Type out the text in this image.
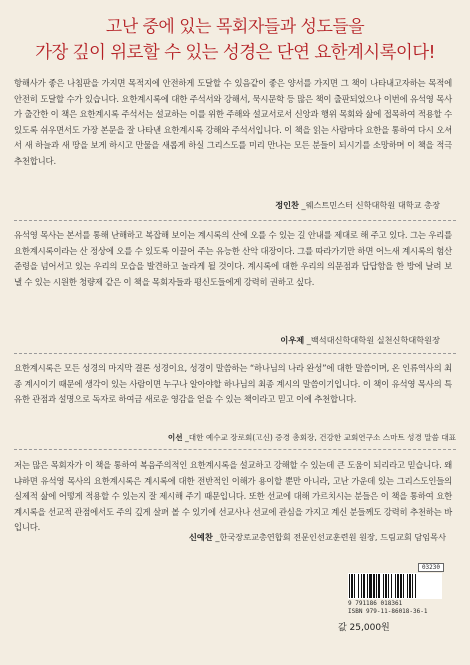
고난 중에 있는 목회자들과 성도들을
가장 깊이 위로할 수 있는 성경은 단연 요한계시록이다!

항해사가 좋은 나침판을 가지면 목적지에 안전하게 도달할 수 있음같이 좋은 양서를 가지면 그 책이 나타내고자하는 목적에 안전히 도달할 수가 있습니다. 요한계시록에 대한 주석서와 강해서, 묵시문학 등 많은 책이 출판되었으나 이번에 유석영 목사가 출간한 이 책은 요한계시록 주석서는 설교하는 이를 위한 주해와 설교서로서 신앙과 행위 목회와 삶에 접목하여 적용할 수 있도록 쉬우면서도 가장 본문을 잘 나타낸 요한계시록 강해와 주석서입니다. 이 책을 읽는 사람마다 요한을 통하여 다시 오셔서 새 하늘과 새 땅을 보게 하시고 만물을 새롭게 하실 그리스도를 미리 만나는 모든 분들이 되시기를 소망하며 이 책을 적극 추천합니다.

정인찬 _웨스트민스터 신학대학원 대학교 총장

유석영 목사는 본서를 통해 난해하고 복잡해 보이는 계시록의 산에 오를 수 있는 길 안내를 제대로 해 주고 있다. 그는 우리를 요한계시록이라는 산 정상에 오를 수 있도록 이끌어 주는 유능한 산악 대장이다. 그를 따라가기만 하면 어느새 계시록의 험산 준령을 넘어서고 있는 우리의 모습을 발견하고 놀라게 될 것이다. 계시록에 대한 우리의 의문점과 답답함을 한 방에 날려 보낼 수 있는 시원한 청량제 같은 이 책을 목회자들과 평신도들에게 강력히 권하고 싶다.

이우제 _백석대신학대학원 실천신학대학원장

요한계시록은 모든 성경의 마지막 결론 성경이요, 성경이 말씀하는 “하나님의 나라 완성”에 대한 말씀이며, 온 인류역사의 최종 계시이기 때문에 생각이 있는 사람이면 누구나 알아야할 하나님의 최종 계시의 말씀이기입니다. 이 책이 유석영 목사의 특유한 관점과 설명으로 독자로 하여금 새로운 영감을 얻을 수 있는 책이라고 믿고 이에 추천합니다.

이선 _대한 예수교 장로회(고신) 증경 총회장, 건강한 교회연구소 스마트 성경 말씀 대표

저는 많은 목회자가 이 책을 통하여 복음주의적인 요한계시록을 설교하고 강해할 수 있는데 큰 도움이 되리라고 믿습니다. 왜냐하면 유석영 목사의 요한계시록은 계시록에 대한 전반적인 이해가 용이할 뿐만 아니라, 고난 가운데 있는 그리스도인들의 실제적 삶에 어떻게 적용할 수 있는지 잘 제시해 주기 때문입니다. 또한 선교에 대해 가르치시는 분들은 이 책을 통하여 요한계시록을 선교적 관점에서도 주의 깊게 살펴 볼 수 있기에 선교사나 선교에 관심을 가지고 계신 분들께도 강력히 추천하는 바입니다.

신예찬 _한국장로교총연합회 전문인선교훈련원 원장, 드림교회 담임목사
03230
9 791186 018361
ISBN 979-11-86018-36-1
값 25,000원
